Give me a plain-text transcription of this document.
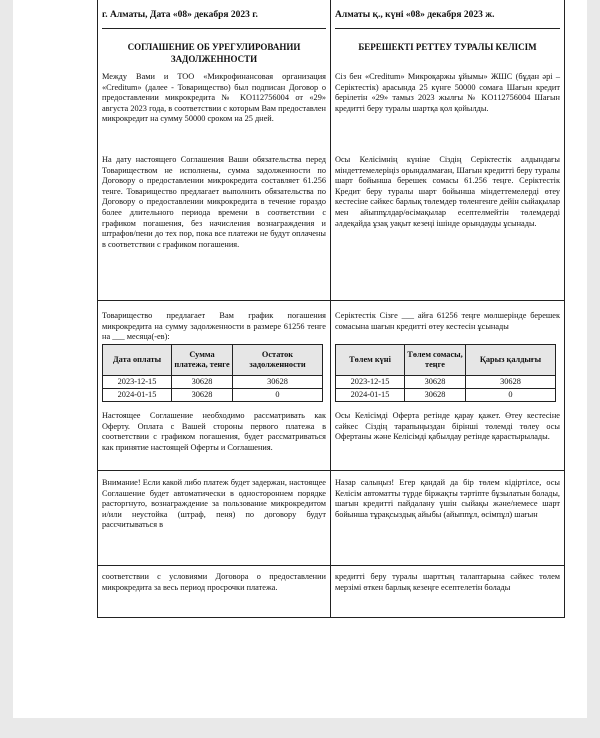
г. Алматы, Дата «08» декабря 2023 г.
СОГЛАШЕНИЕ ОБ УРЕГУЛИРОВАНИИ ЗАДОЛЖЕННОСТИ

Между Вами и ТОО «Микрофинансовая организация «Creditum» (далее - Товарищество) был подписан Договор о предоставлении микрокредита № KO112756004 от «29» августа 2023 года, в соответствии с которым Вам предоставлен микрокредит на сумму 50000 сроком на 25 дней.

На дату настоящего Соглашения Ваши обязательства перед Товариществом не исполнены, сумма задолженности по Договору о предоставлении микрокредита составляет 61.256 тенге. Товарищество предлагает выполнить обязательства по Договору о предоставлении микрокредита в течение гораздо более длительного периода времени в соответствии с графиком погашения, без начисления вознаграждения и штрафов/пени до тех пор, пока все платежи не будут оплачены в соответствии с графиком погашения.

Товарищество предлагает Вам график погашения микрокредита на сумму задолженности в размере 61256 тенге на ___ месяца(-ев):

Настоящее Соглашение необходимо рассматривать как Оферту. Оплата с Вашей стороны первого платежа в соответствии с графиком погашения, будет рассматриваться как принятие настоящей Оферты и Соглашения.

Внимание! Если какой либо платеж будет задержан, настоящее Соглашение будет автоматически в одностороннем порядке расторгнуто, вознаграждение за пользование микрокредитом и/или неустойка (штраф, пеня) по договору будут рассчитываться в

соответствии с условиями Договора о предоставлении микрокредита за весь период просрочки платежа.

Дата оплаты	Сумма платежа, тенге	Остаток задолженности
2023-12-15	30628	30628
2024-01-15	30628	0
Алматы қ., күні «08» декабря 2023 ж.
БЕРЕШЕКТІ РЕТТЕУ ТУРАЛЫ КЕЛІСІМ

Сіз бен «Creditum» Микроқаржы ұйымы» ЖШС (бұдан әрі – Серіктестік) арасында 25 күнге 50000 сомаға Шағын кредит берілетін «29» тамыз 2023 жылғы № KO112756004 Шағын кредитті беру туралы шартқа қол қойылды.

Осы Келісімнің күніне Сіздің Серіктестік алдындағы міндеттемелеріңіз орындалмаған, Шағын кредитті беру туралы шарт бойынша берешек сомасы 61.256 теңге. Серіктестік Кредит беру туралы шарт бойынша міндеттемелерді өтеу кестесіне сәйкес барлық төлемдер төленгенге дейін сыйақылар мен айыппұлдар/өсімақылар есептелмейтін төлемдерді әлдеқайда ұзақ уақыт кезеңі ішінде орындауды ұсынады.

Серіктестік Сізге ___ айға 61256 теңге мөлшерінде берешек сомасына шағын кредитті өтеу кестесін ұсынады

Осы Келісімді Оферта ретінде қарау қажет. Өтеу кестесіне сәйкес Сіздің тарапыңыздан бірінші төлемді төлеу осы Офертаны және Келісімді қабылдау ретінде қарастырылады.

Назар салыңыз! Егер қандай да бір төлем кідіртілсе, осы Келісім автоматты түрде біржақты тәртіпте бұзылатын болады, шағын кредитті пайдалану үшін сыйақы және/немесе шарт бойынша тұрақсыздық айыбы (айыппұл, өсімпұл) шағын

кредитті беру туралы шарттың талаптарына сәйкес төлем мерзімі өткен барлық кезеңге есептелетін болады

Төлем күні	Төлем сомасы, теңге	Қарыз қалдығы
2023-12-15	30628	30628
2024-01-15	30628	0
